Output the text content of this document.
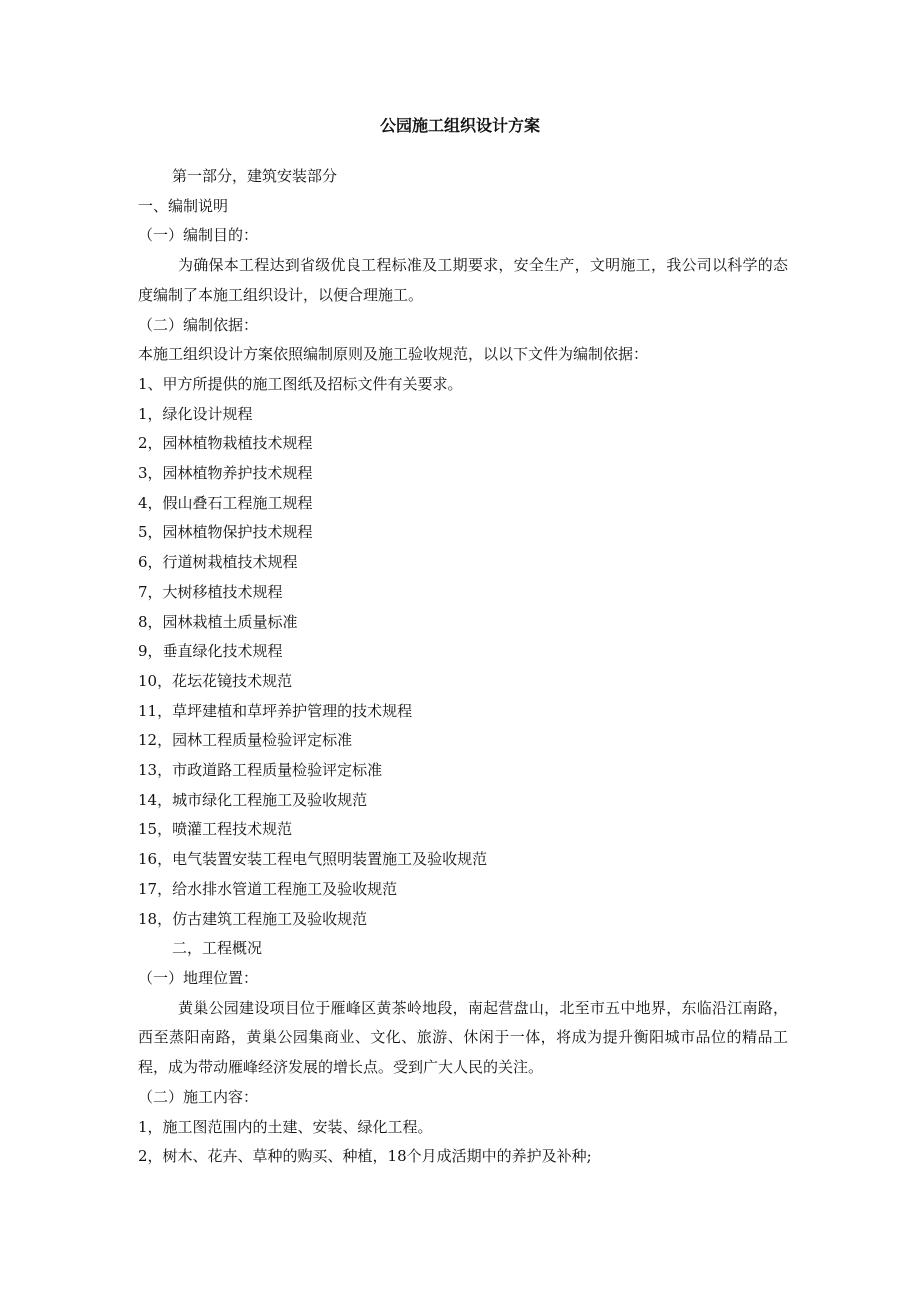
公园施工组织设计方案

第一部分，建筑安装部分

一、编制说明

（一）编制目的：

为确保本工程达到省级优良工程标准及工期要求，安全生产，文明施工，我公司以科学的态度编制了本施工组织设计，以便合理施工。

（二）编制依据：

本施工组织设计方案依照编制原则及施工验收规范，以以下文件为编制依据：

1、甲方所提供的施工图纸及招标文件有关要求。

1，绿化设计规程

2，园林植物栽植技术规程

3，园林植物养护技术规程

4，假山叠石工程施工规程

5，园林植物保护技术规程

6，行道树栽植技术规程

7，大树移植技术规程

8，园林栽植土质量标准

9，垂直绿化技术规程

10，花坛花镜技术规范

11，草坪建植和草坪养护管理的技术规程

12，园林工程质量检验评定标准

13，市政道路工程质量检验评定标准

14，城市绿化工程施工及验收规范

15，喷灌工程技术规范

16，电气装置安装工程电气照明装置施工及验收规范

17，给水排水管道工程施工及验收规范

18，仿古建筑工程施工及验收规范

二，工程概况

（一）地理位置：

黄巢公园建设项目位于雁峰区黄茶岭地段，南起营盘山，北至市五中地界，东临沿江南路，西至蒸阳南路，黄巢公园集商业、文化、旅游、休闲于一体，将成为提升衡阳城市品位的精品工程，成为带动雁峰经济发展的增长点。受到广大人民的关注。

（二）施工内容：

1，施工图范围内的土建、安装、绿化工程。

2，树木、花卉、草种的购买、种植，18个月成活期中的养护及补种;
